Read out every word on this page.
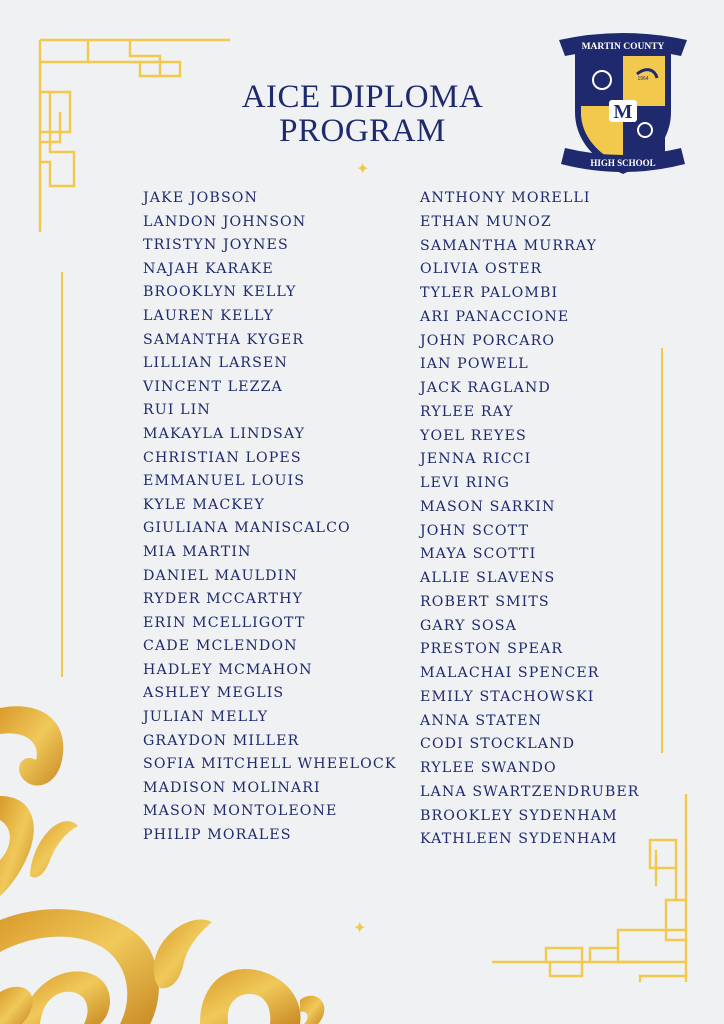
✦
✦
AICE DIPLOMA
PROGRAM
M
MARTIN COUNTY
1964
HIGH SCHOOL
JAKE JOBSON
LANDON JOHNSON
TRISTYN JOYNES
NAJAH KARAKE
BROOKLYN KELLY
LAUREN KELLY
SAMANTHA KYGER
LILLIAN LARSEN
VINCENT LEZZA
RUI LIN
MAKAYLA LINDSAY
CHRISTIAN LOPES
EMMANUEL LOUIS
KYLE MACKEY
GIULIANA MANISCALCO
MIA MARTIN
DANIEL MAULDIN
RYDER MCCARTHY
ERIN MCELLIGOTT
CADE MCLENDON
HADLEY MCMAHON
ASHLEY MEGLIS
JULIAN MELLY
GRAYDON MILLER
SOFIA MITCHELL WHEELOCK
MADISON MOLINARI
MASON MONTOLEONE
PHILIP MORALES
ANTHONY MORELLI
ETHAN MUNOZ
SAMANTHA MURRAY
OLIVIA OSTER
TYLER PALOMBI
ARI PANACCIONE
JOHN PORCARO
IAN POWELL
JACK RAGLAND
RYLEE RAY
YOEL REYES
JENNA RICCI
LEVI RING
MASON SARKIN
JOHN SCOTT
MAYA SCOTTI
ALLIE SLAVENS
ROBERT SMITS
GARY SOSA
PRESTON SPEAR
MALACHAI SPENCER
EMILY STACHOWSKI
ANNA STATEN
CODI STOCKLAND
RYLEE SWANDO
LANA SWARTZENDRUBER
BROOKLEY SYDENHAM
KATHLEEN SYDENHAM
